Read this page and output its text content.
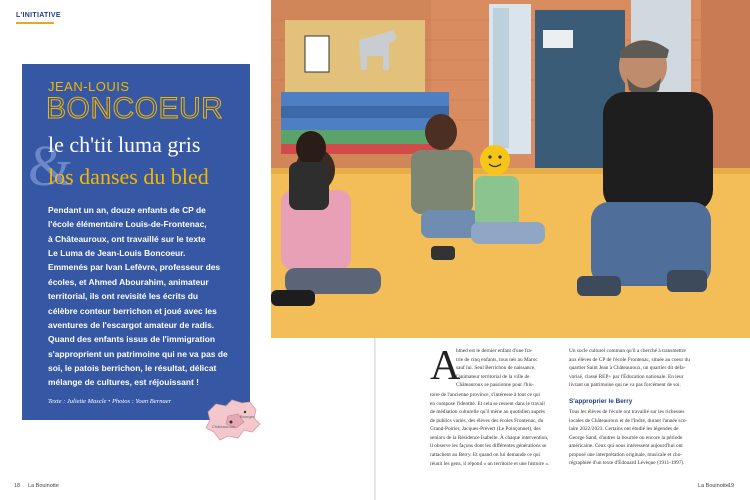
L'INITIATIVE
JEAN-LOUIS
BONCOEUR
&
le ch'tit luma gris
los danses du bled
Pendant un an, douze enfants de CP de
l'école élémentaire Louis-de-Frontenac,
à Châteauroux, ont travaillé sur le texte
Le Luma de Jean-Louis Boncoeur.
Emmenés par Ivan Lefèvre, professeur des
écoles, et Ahmed Abourahim, animateur
territorial, ils ont revisité les écrits du
célèbre conteur berrichon et joué avec les
aventures de l'escargot amateur de radis.
Quand des enfants issus de l'immigration
s'approprient un patrimoine qui ne va pas de
soi, le patois berrichon, le résultat, délicat
mélange de cultures, est réjouissant !
Texte : Juliette Mascle • Photos : Yoan Bernaer
Châteauroux
Bourges
18 La Bouinotte
A
hmed est le dernier enfant d'une fra-
trie de cinq enfants, tous nés au Maroc
sauf lui. Seul Berrichon de naissance,
l'animateur territorial de la ville de
Châteauroux se passionne pour l'his-
toire de l'ancienne province, s'intéresse à tout ce qui
en compose l'identité. Et cela se ressent dans le travail
de médiation culturelle qu'il mène au quotidien auprès
de publics variés, des élèves des écoles Frontenac, du
Grand-Poirier, Jacques-Prévert (Le Poinçonnet), des
seniors de la Résidence Isabelle. À chaque intervention,
il observe les façons dont les différentes générations se
rattachent au Berry. Et quand on lui demande ce qui
réunit les gens, il répond « un territoire et une histoire ».
Un socle culturel commun qu'il a cherché à transmettre
aux élèves de CP de l'école Frontenac, située au coeur du
quartier Saint Jean à Châteauroux, un quartier dit défa-
vorisé, classé REP+ par l'Éducation nationale. En leur
livrant un patrimoine qui ne va pas forcément de soi.
S'approprier le Berry
Tous les élèves de l'école ont travaillé sur les richesses
locales de Châteauroux et de l'Indre, durant l'année sco-
laire 2022/2023. Certains ont étudié les légendes de
George Sand, d'autres la bourrée ou encore la période
américaine. Ceux qui nous intéressent aujourd'hui ont
proposé une interprétation originale, musicale et cho-
régraphiée d'un texte d'Édouard Lévèque (1911-1997).
La Bouinotte 19
